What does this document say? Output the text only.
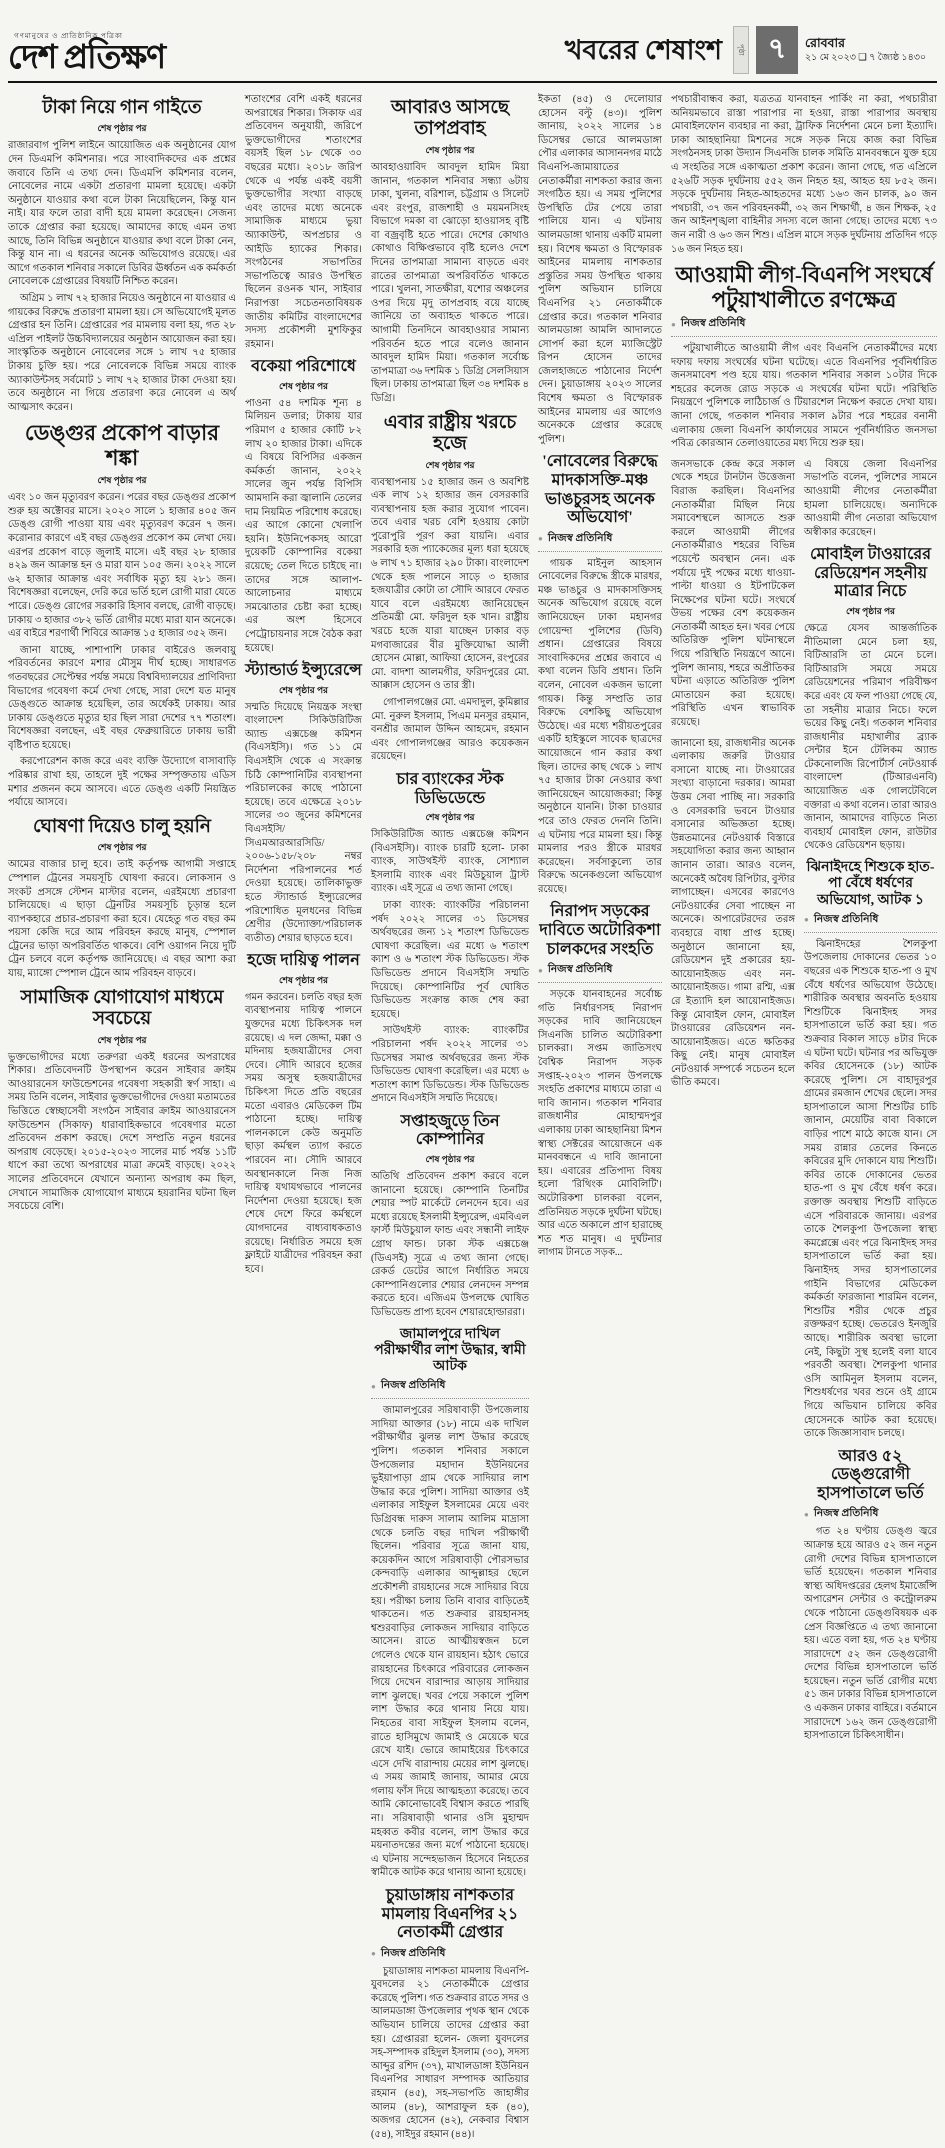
গণমানুষের ও প্রাতিষ্ঠানিক পত্রিকা
দেশ প্রতিক্ষণ	খবরের শেষাংশ	পৃষ্ঠা ৭	রোববার
২১ মে ২০২৩ ❑ ৭ জ্যৈষ্ঠ ১৪৩০
টাকা নিয়ে গান গাইতে
শেষ পৃষ্ঠার পর

রাজারবাগ পুলিশ লাইনে আয়োজিত এক অনুষ্ঠানের যোগ দেন ডিএমপি কমিশনার। পরে সাংবাদিকদের এক প্রশ্নের জবাবে তিনি এ তথ্য দেন। ডিএমপি কমিশনার বলেন, নোবেলের নামে একটা প্রতারণা মামলা হয়েছে। একটা অনুষ্ঠানে যাওয়ার কথা বলে টাকা নিয়েছিলেন, কিন্তু যান নাই। যার ফলে তারা বাদী হয়ে মামলা করেছেন। সেজন্য তাকে গ্রেপ্তার করা হয়েছে। আমাদের কাছে এমন তথ্য আছে, তিনি বিভিন্ন অনুষ্ঠানে যাওয়ার কথা বলে টাকা নেন, কিন্তু যান না। এ ধরনের অনেক অভিযোগও রয়েছে। এর আগে গতকাল শনিবার সকালে ডিবির ঊর্ধ্বতন এক কর্মকর্তা নোবেলকে গ্রেপ্তারের বিষয়টি নিশ্চিত করেন।

অগ্রিম ১ লাখ ৭২ হাজার নিয়েও অনুষ্ঠানে না যাওয়ার এ গায়কের বিরুদ্ধে প্রতারণা মামলা হয়। সে অভিযোগেই মূলত গ্রেপ্তার হন তিনি। গ্রেপ্তারের পর মামলায় বলা হয়, গত ২৮ এপ্রিল পাইলট উচ্চবিদ্যালয়ের অনুষ্ঠান আয়োজন করা হয়। সাংস্কৃতিক অনুষ্ঠানে নোবেলের সঙ্গে ১ লাখ ৭৫ হাজার টাকায় চুক্তি হয়। পরে নোবেলকে বিভিন্ন সময়ে ব্যাংক অ্যাকাউন্টসহ সর্বমোট ১ লাখ ৭২ হাজার টাকা দেওয়া হয়। তবে অনুষ্ঠানে না গিয়ে প্রতারণা করে নোবেল এ অর্থ আত্মসাৎ করেন।

ডেঙ্গুর প্রকোপ বাড়ার শঙ্কা
শেষ পৃষ্ঠার পর

এবং ১০ জন মৃত্যুবরণ করেন। পরের বছর ডেঙ্গুর প্রকোপ শুরু হয় অক্টোবর মাসে। ২০২০ সালে ১ হাজার ৪০৫ জন ডেঙ্গু রোগী পাওয়া যায় এবং মৃত্যুবরণ করেন ৭ জন। করোনার কারণে এই বছর ডেঙ্গুর প্রকোপ কম লেখা দেয়। এরপর প্রকোপ বাড়ে জুলাই মাসে। এই বছর ২৮ হাজার ৪২৯ জন আক্রান্ত হন ও মারা যান ১০৫ জন। ২০২২ সালে ৬২ হাজার আক্রান্ত এবং সর্বাধিক মৃত্যু হয় ২৮১ জন। বিশেষজ্ঞরা বলেছেন, দেরি করে ভর্তি হলে রোগী মারা যেতে পারে। ডেঙ্গু রোগের সরকারি হিসাব বলছে, রোগী বাড়ছে। ঢাকায় ৩ হাজার ৩৮২ ভর্তি রোগীর মধ্যে মারা যান অনেকে। এর বাইরে শরণার্থী শিবিরে আক্রান্ত ১৫ হাজার ৩৫২ জন।

জানা যাচ্ছে, পাশাপাশি ঢাকার বাইরেও জলবায়ু পরিবর্তনের কারণে মশার মৌসুম দীর্ঘ হচ্ছে। সাধারণত গতবছরের সেপ্টেম্বর পর্যন্ত সময়ে বিশ্ববিদ্যালয়ের প্রাণিবিদ্যা বিভাগের গবেষণা কর্মে দেখা গেছে, সারা দেশে যত মানুষ ডেঙ্গুতে আক্রান্ত হয়েছিল, তার অর্ধেকই ঢাকায়। আর ঢাকায় ডেঙ্গুতে মৃত্যুর হার ছিল সারা দেশের ৭৭ শতাংশ। বিশেষজ্ঞরা বলছেন, এই বছর ফেব্রুয়ারিতে ঢাকায় ভারী বৃষ্টিপাত হয়েছে।

করপোরেশন কাজ করে এবং ব্যক্তি উদ্যোগে বাসাবাড়ি পরিষ্কার রাখা হয়, তাহলে দুই পক্ষের সম্পৃক্ততায় এডিস মশার প্রজনন কমে আসবে। এতে ডেঙ্গু একটি নিয়ন্ত্রিত পর্যায়ে আসবে।

ঘোষণা দিয়েও চালু হয়নি
শেষ পৃষ্ঠার পর

আমের বাজার চালু হবে। তাই কর্তৃপক্ষ আগামী সপ্তাহে স্পেশাল ট্রেনের সময়সূচি ঘোষণা করবে। লোকসান ও সংকট প্রসঙ্গে স্টেশন মাস্টার বলেন, এরইমধ্যে প্রচারণা চালিয়েছে। এ ছাড়া ট্রেনটির সময়সূচি চূড়ান্ত হলে ব্যাপকহারে প্রচার-প্রচারণা করা হবে। যেহেতু গত বছর কম পয়সা কেজি দরে আম পরিবহন করছে মানুষ, স্পেশাল ট্রেনের ভাড়া অপরিবর্তিত থাকবে। বেশি ওয়াগন নিয়ে দুটি ট্রেন চলবে বলে কর্তৃপক্ষ জানিয়েছে। এ বছর আশা করা যায়, ম্যাঙ্গো স্পেশাল ট্রেনে আম পরিবহন বাড়বে।

সামাজিক যোগাযোগ মাধ্যমে সবচেয়ে
শেষ পৃষ্ঠার পর

ভুক্তভোগীদের মধ্যে তরুণরা একই ধরনের অপরাধের শিকার। প্রতিবেদনটি উপস্থাপন করেন সাইবার ক্রাইম আওয়ারনেস ফাউন্ডেশনের গবেষণা সহকারী স্বর্ণ সাহা। এ সময় তিনি বলেন, সাইবার ভুক্তভোগীদের দেওয়া মতামতের ভিত্তিতে স্বেচ্ছাসেবী সংগঠন সাইবার ক্রাইম আওয়ারনেস ফাউন্ডেশন (সিকাফ) ধারাবাহিকভাবে গবেষণার মতো প্রতিবেদন প্রকাশ করছে। দেশে সম্প্রতি নতুন ধরনের অপরাধ বেড়েছে। ২০১৫-২০২৩ সালের মার্চ পর্যন্ত ১১টি ধাপে করা তথ্যে অপরাধের মাত্রা ক্রমেই বাড়ছে। ২০২২ সালের প্রতিবেদনে যেখানে অন্যান্য অপরাধ কম ছিল, সেখানে সামাজিক যোগাযোগ মাধ্যমে হয়রানির ঘটনা ছিল সবচেয়ে বেশি।

শতাংশের বেশি একই ধরনের অপরাধের শিকার। সিকাফ এর প্রতিবেদন অনুযায়ী, জরিপে ভুক্তভোগীদের শতাংশের বয়সই ছিল ১৮ থেকে ৩০ বছরের মধ্যে। ২০১৮ জরিপ থেকে এ পর্যন্ত একই বয়সী ভুক্তভোগীর সংখ্যা বাড়ছে এবং তাদের মধ্যে অনেকে সামাজিক মাধ্যমে ভুয়া অ্যাকাউন্ট, অপপ্রচার ও আইডি হ্যাকের শিকার। সংগঠনের সভাপতির সভাপতিত্বে আরও উপস্থিত ছিলেন রওনক খান, সাইবার নিরাপত্তা সচেতনতাবিষয়ক জাতীয় কমিটির বাংলাদেশের সদস্য প্রকৌশলী মুশফিকুর রহমান।

বকেয়া পরিশোধে
শেষ পৃষ্ঠার পর

পাওনা ৫৪ দশমিক শূন্য ৪ মিলিয়ন ডলার; টাকায় যার পরিমাণ ৫ হাজার কোটি ৮২ লাখ ২০ হাজার টাকা। এদিকে এ বিষয়ে বিপিসির একজন কর্মকর্তা জানান, ২০২২ সালের জুন পর্যন্ত বিপিসি আমদানি করা জ্বালানি তেলের দাম নিয়মিত পরিশোধ করেছে। এর আগে কোনো খেলাপি হয়নি। ইউনিপেকসহ আরো দুয়েকটি কোম্পানির বকেয়া রয়েছে; তেল দিতে চাইছে না। তাদের সঙ্গে আলাপ-আলোচনার মাধ্যমে সমঝোতার চেষ্টা করা হচ্ছে। এর অংশ হিসেবে পেট্রোচায়নার সঙ্গে বৈঠক করা হয়েছে।

স্ট্যান্ডার্ড ইন্স্যুরেন্সে
শেষ পৃষ্ঠার পর

সম্মতি দিয়েছে নিয়ন্ত্রক সংস্থা বাংলাদেশ সিকিউরিটিজ অ্যান্ড এক্সচেঞ্জ কমিশন (বিএসইসি)। গত ১১ মে বিএসইসি থেকে এ সংক্রান্ত চিঠি কোম্পানিটির ব্যবস্থাপনা পরিচালকের কাছে পাঠানো হয়েছে। তবে এক্ষেত্রে ২০১৮ সালের ৩০ জুনের কমিশনের বিএসইসি/সিএমআরআরসিডি/২০০৬-১৫৮/২০৮ নম্বর নির্দেশনা পরিপালনের শর্ত দেওয়া হয়েছে। তালিকাভুক্ত হতে স্ট্যান্ডার্ড ইন্স্যুরেন্সের পরিশোধিত মূলধনের বিভিন্ন শ্রেণীর (উদ্যোক্তা/পরিচালক ব্যতীত) শেয়ার ছাড়তে হবে।

হজে দায়িত্ব পালন
শেষ পৃষ্ঠার পর

গমন করবেন। চলতি বছর হজ ব্যবস্থাপনায় দায়িত্ব পালনে যুক্তদের মধ্যে চিকিৎসক দল রয়েছে। এ দল জেদ্দা, মক্কা ও মদিনায় হজযাত্রীদের সেবা দেবে। সৌদি আরবে হজের সময় অসুস্থ হজযাত্রীদের চিকিৎসা দিতে প্রতি বছরের মতো এবারও মেডিকেল টিম পাঠানো হচ্ছে। দায়িত্ব পালনকালে কেউ অনুমতি ছাড়া কর্মস্থল ত্যাগ করতে পারবেন না। সৌদি আরবে অবস্থানকালে নিজ নিজ দায়িত্ব যথাযথভাবে পালনের নির্দেশনা দেওয়া হয়েছে। হজ শেষে দেশে ফিরে কর্মস্থলে যোগদানের বাধ্যবাধকতাও রয়েছে। নির্ধারিত সময়ে হজ ফ্লাইটে যাত্রীদের পরিবহন করা হবে।

আবারও আসছে তাপপ্রবাহ
শেষ পৃষ্ঠার পর

আবহাওয়াবিদ আবদুল হামিদ মিয়া জানান, গতকাল শনিবার সন্ধ্যা ৬টায় ঢাকা, খুলনা, বরিশাল, চট্টগ্রাম ও সিলেট এবং রংপুর, রাজশাহী ও ময়মনসিংহ বিভাগে দমকা বা ঝোড়ো হাওয়াসহ বৃষ্টি বা বজ্রবৃষ্টি হতে পারে। দেশের কোথাও কোথাও বিক্ষিপ্তভাবে বৃষ্টি হলেও দেশে দিনের তাপমাত্রা সামান্য বাড়তে এবং রাতের তাপমাত্রা অপরিবর্তিত থাকতে পারে। খুলনা, সাতক্ষীরা, যশোর অঞ্চলের ওপর দিয়ে মৃদু তাপপ্রবাহ বয়ে যাচ্ছে জানিয়ে তা অব্যাহত থাকতে পারে। আগামী তিনদিনে আবহাওয়ার সামান্য পরিবর্তন হতে পারে বলেও জানান আবদুল হামিদ মিয়া। গতকাল সর্বোচ্চ তাপমাত্রা ৩৬ দশমিক ১ ডিগ্রি সেলসিয়াস ছিল। ঢাকায় তাপমাত্রা ছিল ৩৪ দশমিক ৪ ডিগ্রি।

এবার রাষ্ট্রীয় খরচে হজে
শেষ পৃষ্ঠার পর

ব্যবস্থাপনায় ১৫ হাজার জন ও অবশিষ্ট এক লাখ ১২ হাজার জন বেসরকারি ব্যবস্থাপনায় হজ করার সুযোগ পাবেন। তবে এবার খরচ বেশি হওয়ায় কোটা পুরোপুরি পূরণ করা যায়নি। এবার সরকারি হজ প্যাকেজের মূল্য ধরা হয়েছে ৬ লাখ ৭১ হাজার ২৯০ টাকা। বাংলাদেশ থেকে হজ পালনে সাড়ে ৩ হাজার হজযাত্রীর কোটা তা সৌদি আরবে ফেরত যাবে বলে এরইমধ্যে জানিয়েছেন প্রতিমন্ত্রী মো. ফরিদুল হক খান। রাষ্ট্রীয় খরচে হজে যারা যাচ্ছেন ঢাকার বড় মগবাজারের বীর মুক্তিযোদ্ধা আলী হোসেন মোল্লা, আফিয়া হোসেন, রংপুরের মো. বাদশা আলমগীর, ফরিদপুরের মো. আক্কাস হোসেন ও তার স্ত্রী।

গোপালগঞ্জের মো. এমদাদুল, কুমিল্লার মো. নুরুল ইসলাম, পিএম মনসুর রহমান, বনশ্রীর জামাল উদ্দিন আহমেদ, রহমান এবং গোপালগঞ্জের আরও কয়েকজন রয়েছেন।

চার ব্যাংকের স্টক ডিভিডেন্ডে
শেষ পৃষ্ঠার পর

সিকিউরিটিজ অ্যান্ড এক্সচেঞ্জ কমিশন (বিএসইসি)। ব্যাংক চারটি হলো- ঢাকা ব্যাংক, সাউথইস্ট ব্যাংক, সোশ্যাল ইসলামি ব্যাংক এবং মিউচুয়াল ট্রাস্ট ব্যাংক। এই সূত্রে এ তথ্য জানা গেছে।

ঢাকা ব্যাংক: ব্যাংকটির পরিচালনা পর্ষদ ২০২২ সালের ৩১ ডিসেম্বর অর্থবছরের জন্য ১২ শতাংশ ডিভিডেন্ড ঘোষণা করেছিল। এর মধ্যে ৬ শতাংশ ক্যাশ ও ৬ শতাংশ স্টক ডিভিডেন্ড। স্টক ডিভিডেন্ড প্রদানে বিএসইসি সম্মতি দিয়েছে। কোম্পানিটির পূর্ব ঘোষিত ডিভিডেন্ড সংক্রান্ত কাজ শেষ করা হয়েছে।

সাউথইস্ট ব্যাংক: ব্যাংকটির পরিচালনা পর্ষদ ২০২২ সালের ৩১ ডিসেম্বর সমাপ্ত অর্থবছরের জন্য স্টক ডিভিডেন্ড ঘোষণা করেছিল। এর মধ্যে ৬ শতাংশ ক্যাশ ডিভিডেন্ড। স্টক ডিভিডেন্ড প্রদানে বিএসইসি সম্মতি দিয়েছে।

সপ্তাহজুড়ে তিন কোম্পানির
শেষ পৃষ্ঠার পর

অতিথি প্রতিবেদন প্রকাশ করবে বলে জানানো হয়েছে। কোম্পানি তিনটির শেয়ার স্পট মার্কেটে লেনদেন হবে। এর মধ্যে রয়েছে ইসলামী ইন্স্যুরেন্স, এমবিএল ফার্স্ট মিউচুয়াল ফান্ড এবং সন্ধানী লাইফ গ্রোথ ফান্ড। ঢাকা স্টক এক্সচেঞ্জ (ডিএসই) সূত্রে এ তথ্য জানা গেছে। রেকর্ড ডেটের আগে নির্ধারিত সময়ে কোম্পানিগুলোর শেয়ার লেনদেন সম্পন্ন করতে হবে। এজিএম উপলক্ষে ঘোষিত ডিভিডেন্ড প্রাপ্য হবেন শেয়ারহোল্ডাররা।

জামালপুরে দাখিল পরীক্ষার্থীর লাশ উদ্ধার, স্বামী আটক
● নিজস্ব প্রতিনিধি

জামালপুরের সরিষাবাড়ী উপজেলায় সাদিয়া আক্তার (১৮) নামে এক দাখিল পরীক্ষার্থীর ঝুলন্ত লাশ উদ্ধার করেছে পুলিশ। গতকাল শনিবার সকালে উপজেলার মহাদান ইউনিয়নের ভুইয়াপাড়া গ্রাম থেকে সাদিয়ার লাশ উদ্ধার করে পুলিশ। সাদিয়া আক্তার ওই এলাকার সাইফুল ইসলামের মেয়ে এবং ডিগ্রিবন্ধ দারুস সালাম আলিম মাদ্রাসা থেকে চলতি বছর দাখিল পরীক্ষার্থী ছিলেন। পরিবার সূত্রে জানা যায়, কয়েকদিন আগে সরিষাবাড়ী পৌরসভার কেন্দবাড়ি এলাকার আব্দুল্লাহর ছেলে প্রকৌশলী রায়হানের সঙ্গে সাদিয়ার বিয়ে হয়। পরীক্ষা চলায় তিনি বাবার বাড়িতেই থাকতেন। গত শুক্রবার রায়হানসহ শ্বশুরবাড়ির লোকজন সাদিয়ার বাড়িতে আসেন। রাতে আত্মীয়স্বজন চলে গেলেও থেকে যান রায়হান। হঠাৎ ভোরে রায়হানের চিৎকারে পরিবারের লোকজন গিয়ে দেখেন বারান্দার আড়ায় সাদিয়ার লাশ ঝুলছে। খবর পেয়ে সকালে পুলিশ লাশ উদ্ধার করে থানায় নিয়ে যায়। নিহতের বাবা সাইফুল ইসলাম বলেন, রাতে হাসিমুখে জামাই ও মেয়েকে ঘরে রেখে যাই। ভোরে জামাইয়ের চিৎকারে এসে দেখি বারান্দায় মেয়ের লাশ ঝুলছে। এ সময় জামাই জানায়, আমার মেয়ে গলায় ফাঁস দিয়ে আত্মহত্যা করেছে। তবে আমি কোনোভাবেই বিশ্বাস করতে পারছি না। সরিষাবাড়ী থানার ওসি মুহাম্মদ মহব্বত কবীর বলেন, লাশ উদ্ধার করে ময়নাতদন্তের জন্য মর্গে পাঠানো হয়েছে। এ ঘটনায় সন্দেহভাজন হিসেবে নিহতের স্বামীকে আটক করে থানায় আনা হয়েছে।

চুয়াডাঙ্গায় নাশকতার মামলায় বিএনপির ২১ নেতাকর্মী গ্রেপ্তার
● নিজস্ব প্রতিনিধি

চুয়াডাঙ্গায় নাশকতা মামলায় বিএনপি-যুবদলের ২১ নেতাকর্মীকে গ্রেপ্তার করেছে পুলিশ। গত শুক্রবার রাতে সদর ও আলমডাঙ্গা উপজেলার পৃথক স্থান থেকে অভিযান চালিয়ে তাদের গ্রেপ্তার করা হয়। গ্রেপ্তাররা হলেন- জেলা যুবদলের সহ-সম্পাদক রহিদুল ইসলাম (৩০), সদস্য আব্দুর রশিদ (৩৭), মাখালডাঙ্গা ইউনিয়ন বিএনপির সাধারণ সম্পাদক আতিয়ার রহমান (৪৫), সহ-সভাপতি জাহাঙ্গীর আলম (৪৮), আশরাফুল হক (৪০), অজগর হোসেন (৪২), নেকবার বিশ্বাস (৫৪), সাইদুর রহমান (৪৪)।

ইকতা (৪৫) ও দেলোয়ার হোসেন বল্টু (৪৩)। পুলিশ জানায়, ২০২২ সালের ১৪ ডিসেম্বর ভোরে আলমডাঙ্গা পৌর এলাকার আসাননগর মাঠে বিএনপি-জামায়াতের নেতাকর্মীরা নাশকতা করার জন্য সংগঠিত হয়। এ সময় পুলিশের উপস্থিতি টের পেয়ে তারা পালিয়ে যান। এ ঘটনায় আলমডাঙ্গা থানায় একটি মামলা হয়। বিশেষ ক্ষমতা ও বিস্ফোরক আইনের মামলায় নাশকতার প্রস্তুতির সময় উপস্থিত থাকায় পুলিশ অভিযান চালিয়ে বিএনপির ২১ নেতাকর্মীকে গ্রেপ্তার করে। গতকাল শনিবার আলমডাঙ্গা আমলি আদালতে সোপর্দ করা হলে ম্যাজিস্ট্রেট রিপন হোসেন তাদের জেলহাজতে পাঠানোর নির্দেশ দেন। চুয়াডাঙ্গায় ২০২৩ সালের বিশেষ ক্ষমতা ও বিস্ফোরক আইনের মামলায় এর আগেও অনেককে গ্রেপ্তার করেছে পুলিশ।

'নোবেলের বিরুদ্ধে মাদকাসক্তি-মঞ্চ ভাঙচুরসহ অনেক অভিযোগ'
● নিজস্ব প্রতিনিধি

গায়ক মাইনুল আহসান নোবেলের বিরুদ্ধে স্ত্রীকে মারধর, মঞ্চ ভাঙচুর ও মাদকাসক্তিসহ অনেক অভিযোগ রয়েছে বলে জানিয়েছেন ঢাকা মহানগর গোয়েন্দা পুলিশের (ডিবি) প্রধান। গ্রেপ্তারের বিষয়ে সাংবাদিকদের প্রশ্নের জবাবে এ কথা বলেন ডিবি প্রধান। তিনি বলেন, নোবেল একজন ভালো গায়ক। কিন্তু সম্প্রতি তার বিরুদ্ধে বেশকিছু অভিযোগ উঠেছে। এর মধ্যে শরীয়তপুরের একটি হাইস্কুলে সাবেক ছাত্রদের আয়োজনে গান করার কথা ছিল। তাদের কাছ থেকে ১ লাখ ৭৫ হাজার টাকা নেওয়ার কথা জানিয়েছেন আয়োজকরা; কিন্তু অনুষ্ঠানে যাননি। টাকা চাওয়ার পরে তাও ফেরত দেননি তিনি। এ ঘটনায় পরে মামলা হয়। কিন্তু মামলার পরও স্ত্রীকে মারধর করেছেন। সর্বসাকুল্যে তার বিরুদ্ধে অনেকগুলো অভিযোগ রয়েছে।

নিরাপদ সড়কের দাবিতে অটোরিকশা চালকদের সংহতি
● নিজস্ব প্রতিনিধি

সড়কে যানবাহনের সর্বোচ্চ গতি নির্ধারণসহ নিরাপদ সড়কের দাবি জানিয়েছেন সিএনজি চালিত অটোরিকশা চালকরা। সপ্তম জাতিসংঘ বৈশ্বিক নিরাপদ সড়ক সপ্তাহ-২০২৩ পালন উপলক্ষে সংহতি প্রকাশের মাধ্যমে তারা এ দাবি জানান। গতকাল শনিবার রাজধানীর মোহাম্মদপুর এলাকায় ঢাকা আহছানিয়া মিশন স্বাস্থ্য সেক্টরের আয়োজনে এক মানববন্ধনে এ দাবি জানানো হয়। এবারের প্রতিপাদ্য বিষয় হলো 'রিথিংক মোবিলিটি'। অটোরিকশা চালকরা বলেন, প্রতিনিয়ত সড়কে দুর্ঘটনা ঘটছে। আর এতে অকালে প্রাণ হারাচ্ছে শত শত মানুষ। এ দুর্ঘটনার লাগাম টানতে সড়ক...

পথচারীবান্ধব করা, যত্রতত্র যানবাহন পার্কিং না করা, পথচারীরা অনিয়মভাবে রাস্তা পারাপার না হওয়া, রাস্তা পারাপার অবস্থায় মোবাইলফোন ব্যবহার না করা, ট্রাফিক নির্দেশনা মেনে চলা ইত্যাদি। ঢাকা আহছানিয়া মিশনের সঙ্গে সড়ক নিয়ে কাজ করা বিভিন্ন সংগঠনসহ ঢাকা উদ্যান সিএনজি চালক সমিতি মানববন্ধনে যুক্ত হয়ে এ সংহতির সঙ্গে একাত্মতা প্রকাশ করেন। জানা গেছে, গত এপ্রিলে ৫২৬টি সড়ক দুর্ঘটনায় ৫৫২ জন নিহত হয়, আহত হয় ৮৫২ জন। সড়কে দুর্ঘটনায় নিহত-আহতদের মধ্যে ১৬৩ জন চালক, ৯০ জন পথচারী, ৩৭ জন পরিবহনকর্মী, ৩২ জন শিক্ষার্থী, ৪ জন শিক্ষক, ২৫ জন আইনশৃঙ্খলা বাহিনীর সদস্য বলে জানা গেছে। তাদের মধ্যে ৭৩ জন নারী ও ৬৩ জন শিশু। এপ্রিল মাসে সড়ক দুর্ঘটনায় প্রতিদিন গড়ে ১৬ জন নিহত হয়।

আওয়ামী লীগ-বিএনপি সংঘর্ষে পটুয়াখালীতে রণক্ষেত্র
● নিজস্ব প্রতিনিধি

পটুয়াখালীতে আওয়ামী লীগ এবং বিএনপি নেতাকর্মীদের মধ্যে দফায় দফায় সংঘর্ষের ঘটনা ঘটেছে। এতে বিএনপির পূর্বনির্ধারিত জনসমাবেশ পণ্ড হয়ে যায়। গতকাল শনিবার সকাল ১০টার দিকে শহরের কলেজ রোড সড়কে এ সংঘর্ষের ঘটনা ঘটে। পরিস্থিতি নিয়ন্ত্রণে পুলিশকে লাঠিচার্জ ও টিয়ারশেল নিক্ষেপ করতে দেখা যায়। জানা গেছে, গতকাল শনিবার সকাল ৯টার পরে শহরের বনানী এলাকায় জেলা বিএনপি কার্যালয়ের সামনে পূর্বনির্ধারিত জনসভা পবিত্র কোরআন তেলাওয়াতের মধ্য দিয়ে শুরু হয়।

জনসভাকে কেন্দ্র করে সকাল থেকে শহরে টানটান উত্তেজনা বিরাজ করছিল। বিএনপির নেতাকর্মীরা মিছিল নিয়ে সমাবেশস্থলে আসতে শুরু করলে আওয়ামী লীগের নেতাকর্মীরাও শহরের বিভিন্ন পয়েন্টে অবস্থান নেন। এক পর্যায়ে দুই পক্ষের মধ্যে ধাওয়া-পাল্টা ধাওয়া ও ইটপাটকেল নিক্ষেপের ঘটনা ঘটে। সংঘর্ষে উভয় পক্ষের বেশ কয়েকজন নেতাকর্মী আহত হন। খবর পেয়ে অতিরিক্ত পুলিশ ঘটনাস্থলে গিয়ে পরিস্থিতি নিয়ন্ত্রণে আনে। পুলিশ জানায়, শহরে অপ্রীতিকর ঘটনা এড়াতে অতিরিক্ত পুলিশ মোতায়েন করা হয়েছে। পরিস্থিতি এখন স্বাভাবিক রয়েছে।

জানানো হয়, রাজধানীর অনেক এলাকায় জরুরি টাওয়ার বসানো যাচ্ছে না। টাওয়ারের সংখ্যা বাড়ানো দরকার। আমরা উত্তম সেবা পাচ্ছি না। সরকারি ও বেসরকারি ভবনে টাওয়ার বসানোর অভিজ্ঞতা হচ্ছে। উন্নতমানের নেটওয়ার্ক বিস্তারে সহযোগিতা করার জন্য আহ্বান জানান তারা। আরও বলেন, অনেকেই অবৈধ রিপিটার, বুস্টার লাগাচ্ছেন। এসবের কারণেও নেটওয়ার্কের সেবা পাচ্ছেন না অনেকে। অপারেটরদের তরঙ্গ ব্যবহারে বাধা প্রাপ্ত হচ্ছে। অনুষ্ঠানে জানানো হয়, রেডিয়েশন দুই প্রকারের হয়- আয়োনাইজড এবং নন-আয়োনাইজড। গামা রশ্মি, এক্স রে ইত্যাদি হল আয়োনাইজড। কিন্তু মোবাইল ফোন, মোবাইল টাওয়ারের রেডিয়েশন নন-আয়োনাইজড। এতে ক্ষতিকর কিছু নেই। মানুষ মোবাইল নেটওয়ার্ক সম্পর্কে সচেতন হলে ভীতি কমবে।

এ বিষয়ে জেলা বিএনপির সভাপতি বলেন, পুলিশের সামনে আওয়ামী লীগের নেতাকর্মীরা হামলা চালিয়েছে। অন্যদিকে আওয়ামী লীগ নেতারা অভিযোগ অস্বীকার করেছেন।

মোবাইল টাওয়ারের রেডিয়েশন সহনীয় মাত্রার নিচে
শেষ পৃষ্ঠার পর

ক্ষেত্রে যেসব আন্তর্জাতিক নীতিমালা মেনে চলা হয়, বিটিআরসি তা মেনে চলে। বিটিআরসি সময়ে সময়ে রেডিয়েশনের পরিমাণ পরিবীক্ষণ করে এবং যে ফল পাওয়া গেছে যে, তা সহনীয় মাত্রার নিচে। ফলে ভয়ের কিছু নেই। গতকাল শনিবার রাজধানীর মহাখালীর ব্র্যাক সেন্টার ইনে টেলিকম অ্যান্ড টেকনোলজি রিপোর্টার্স নেটওয়ার্ক বাংলাদেশ (টিআরএনবি) আয়োজিত এক গোলটেবিলে বক্তারা এ কথা বলেন। তারা আরও জানান, আমাদের বাড়িতে নিত্য ব্যবহার্য মোবাইল ফোন, রাউটার থেকেও রেডিয়েশন ছড়ায়।

ঝিনাইদহে শিশুকে হাত-পা বেঁধে ধর্ষণের অভিযোগ, আটক ১
● নিজস্ব প্রতিনিধি

ঝিনাইদহের শৈলকুপা উপজেলায় দোকানের ভেতর ১০ বছরের এক শিশুকে হাত-পা ও মুখ বেঁধে ধর্ষণের অভিযোগ উঠেছে। শারীরিক অবস্থার অবনতি হওয়ায় শিশুটিকে ঝিনাইদহ সদর হাসপাতালে ভর্তি করা হয়। গত শুক্রবার বিকাল সাড়ে ৪টার দিকে এ ঘটনা ঘটে। ঘটনার পর অভিযুক্ত কবির হোসেনকে (১৮) আটক করেছে পুলিশ। সে বাহাদুরপুর গ্রামের রমজান শেখের ছেলে। সদর হাসপাতালে আসা শিশুটির চাচি জানান, মেয়েটির বাবা বিকালে বাড়ির পাশে মাঠে কাজে যান। সে সময় রান্নার তেলের কিনতে কবিরের মুদি দোকানে যায় শিশুটি। কবির তাকে দোকানের ভেতর হাত-পা ও মুখ বেঁধে ধর্ষণ করে। রক্তাক্ত অবস্থায় শিশুটি বাড়িতে এসে পরিবারকে জানায়। এরপর তাকে শৈলকুপা উপজেলা স্বাস্থ্য কমপ্লেক্সে এবং পরে ঝিনাইদহ সদর হাসপাতালে ভর্তি করা হয়। ঝিনাইদহ সদর হাসপাতালের গাইনি বিভাগের মেডিকেল কর্মকর্তা ফারজানা শারমিন বলেন, শিশুটির শরীর থেকে প্রচুর রক্তক্ষরণ হচ্ছে। ভেতরেও ইনজুরি আছে। শারীরিক অবস্থা ভালো নেই, কিছুটা সুস্থ হলেই বলা যাবে পরবর্তী অবস্থা। শৈলকুপা থানার ওসি আমিনুল ইসলাম বলেন, শিশুধর্ষণের খবর শুনে ওই গ্রামে গিয়ে অভিযান চালিয়ে কবির হোসেনকে আটক করা হয়েছে। তাকে জিজ্ঞাসাবাদ চলছে।

আরও ৫২ ডেঙ্গুরোগী হাসপাতালে ভর্তি
● নিজস্ব প্রতিনিধি

গত ২৪ ঘণ্টায় ডেঙ্গু জ্বরে আক্রান্ত হয়ে আরও ৫২ জন নতুন রোগী দেশের বিভিন্ন হাসপাতালে ভর্তি হয়েছেন। গতকাল শনিবার স্বাস্থ্য অধিদপ্তরের হেলথ ইমার্জেন্সি অপারেশন সেন্টার ও কন্ট্রোলরুম থেকে পাঠানো ডেঙ্গুবিষয়ক এক প্রেস বিজ্ঞপ্তিতে এ তথ্য জানানো হয়। এতে বলা হয়, গত ২৪ ঘণ্টায় সারাদেশে ৫২ জন ডেঙ্গুরোগী দেশের বিভিন্ন হাসপাতালে ভর্তি হয়েছেন। নতুন ভর্তি রোগীর মধ্যে ৫১ জন ঢাকার বিভিন্ন হাসপাতালে ও একজন ঢাকার বাহিরে। বর্তমানে সারাদেশে ১৬২ জন ডেঙ্গুরোগী হাসপাতালে চিকিৎসাধীন।
